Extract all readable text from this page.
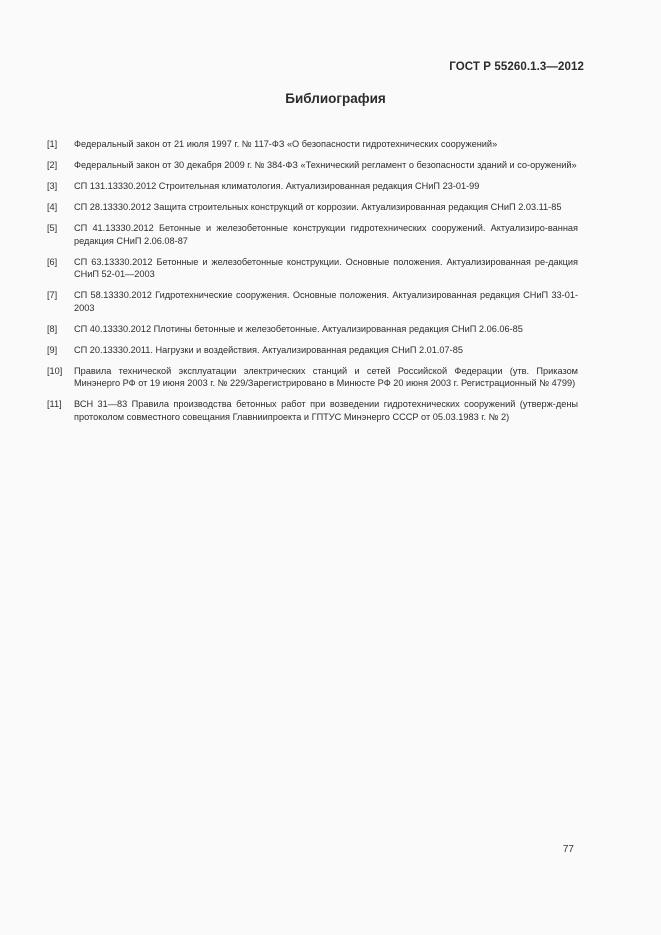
ГОСТ Р 55260.1.3—2012
Библиография
[1]	Федеральный закон от 21 июля 1997 г. № 117-ФЗ «О безопасности гидротехнических сооружений»
[2]	Федеральный закон от 30 декабря 2009 г. № 384-ФЗ «Технический регламент о безопасности зданий и со-оружений»
[3]	СП 131.13330.2012 Строительная климатология. Актуализированная редакция СНиП 23-01-99
[4]	СП 28.13330.2012 Защита строительных конструкций от коррозии. Актуализированная редакция СНиП 2.03.11-85
[5]	СП 41.13330.2012 Бетонные и железобетонные конструкции гидротехнических сооружений. Актуализиро-ванная редакция СНиП 2.06.08-87
[6]	СП 63.13330.2012 Бетонные и железобетонные конструкции. Основные положения. Актуализированная ре-дакция СНиП 52-01—2003
[7]	СП 58.13330.2012 Гидротехнические сооружения. Основные положения. Актуализированная редакция СНиП 33-01-2003
[8]	СП 40.13330.2012 Плотины бетонные и железобетонные. Актуализированная редакция СНиП 2.06.06-85
[9]	СП 20.13330.2011. Нагрузки и воздействия. Актуализированная редакция СНиП 2.01.07-85
[10]	Правила технической эксплуатации электрических станций и сетей Российской Федерации (утв. Приказом Минэнерго РФ от 19 июня 2003 г. № 229/Зарегистрировано в Минюсте РФ 20 июня 2003 г. Регистрационный № 4799)
[11]	ВСН 31—83 Правила производства бетонных работ при возведении гидротехнических сооружений (утверж-дены протоколом совместного совещания Главниипроекта и ГПТУС Минэнерго СССР от 05.03.1983 г. № 2)
77
